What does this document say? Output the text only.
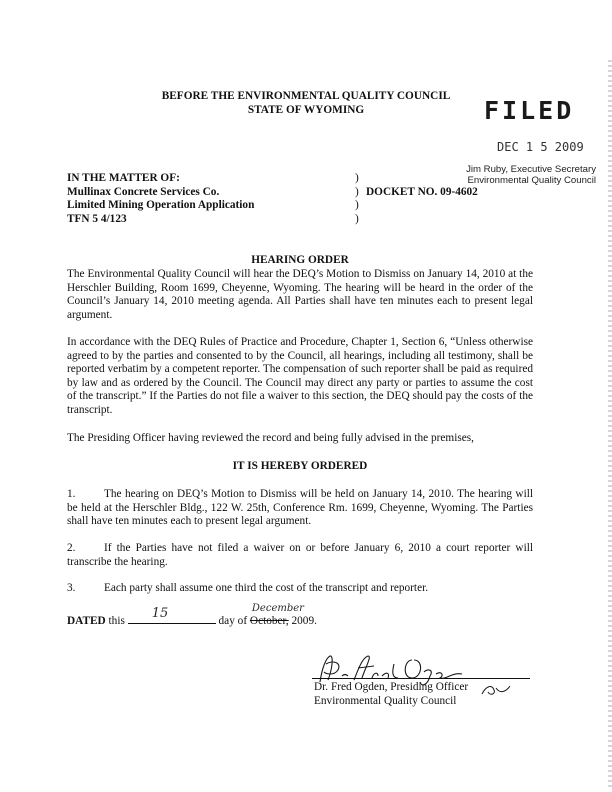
BEFORE THE ENVIRONMENTAL QUALITY COUNCIL
STATE OF WYOMING	FILED
DEC 1 5 2009
Jim Ruby, Executive Secretary
Environmental Quality Council
IN THE MATTER OF:
Mullinax Concrete Services Co.
Limited Mining Operation Application
TFN 5 4/123
)
)
)
)
DOCKET NO. 09-4602
HEARING ORDER
The Environmental Quality Council will hear the DEQ’s Motion to Dismiss on January 14, 2010 at the Herschler Building, Room 1699, Cheyenne, Wyoming. The hearing will be heard in the order of the Council’s January 14, 2010 meeting agenda. All Parties shall have ten minutes each to present legal argument.
In accordance with the DEQ Rules of Practice and Procedure, Chapter 1, Section 6, “Unless otherwise agreed to by the parties and consented to by the Council, all hearings, including all testimony, shall be reported verbatim by a competent reporter. The compensation of such reporter shall be paid as required by law and as ordered by the Council. The Council may direct any party or parties to assume the cost of the transcript.” If the Parties do not file a waiver to this section, the DEQ should pay the costs of the transcript.
The Presiding Officer having reviewed the record and being fully advised in the premises,
IT IS HEREBY ORDERED
1.	The hearing on DEQ’s Motion to Dismiss will be held on January 14, 2010. The hearing will be held at the Herschler Bldg., 122 W. 25th, Conference Rm. 1699, Cheyenne, Wyoming. The Parties shall have ten minutes each to present legal argument.
2.	If the Parties have not filed a waiver on or before January 6, 2010 a court reporter will transcribe the hearing.
3.	Each party shall assume one third the cost of the transcript and reporter.
DATED this 15	day of October,
December
2009.
Dr. Fred Ogden, Presiding Officer
Environmental Quality Council
